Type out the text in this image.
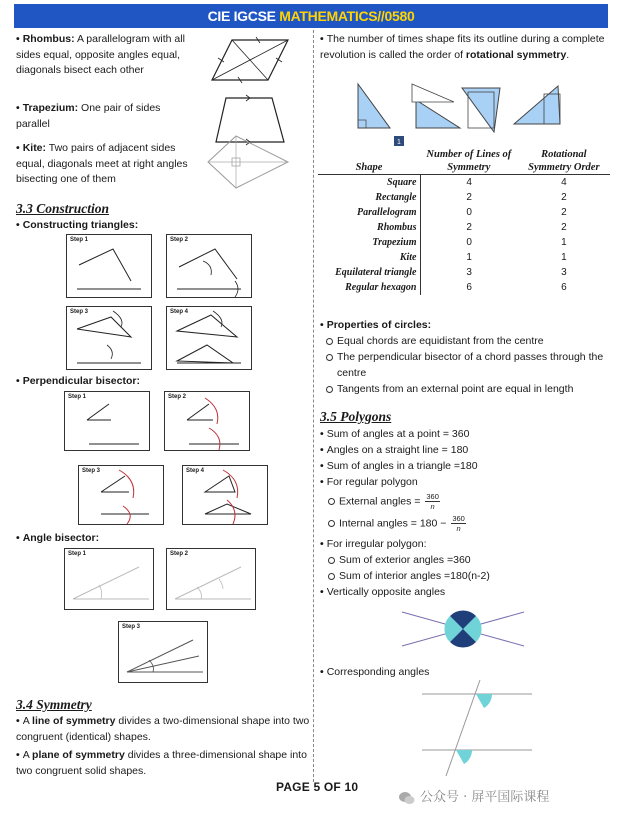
CIE IGCSE MATHEMATICS//0580
• Rhombus: A parallelogram with all sides equal, opposite angles equal, diagonals bisect each other
• Trapezium: One pair of sides parallel
• Kite: Two pairs of adjacent sides equal, diagonals meet at right angles bisecting one of them
3.3 Construction
• Constructing triangles:
Step 1	Step 2
Step 3	Step 4
• Perpendicular bisector:
Step 1	Step 2
Step 3	Step 4
• Angle bisector:
Step 1	Step 2
Step 3
3.4 Symmetry
• A line of symmetry divides a two-dimensional shape into two congruent (identical) shapes.
• A plane of symmetry divides a three-dimensional shape into two congruent solid shapes.
• The number of times shape fits its outline during a complete revolution is called the order of rotational symmetry.
1
Shape	Number of Lines of Symmetry	Rotational Symmetry Order
Square	4	4
Rectangle	2	2
Parallelogram	0	2
Rhombus	2	2
Trapezium	0	1
Kite	1	1
Equilateral triangle	3	3
Regular hexagon	6	6
• Properties of circles:
Equal chords are equidistant from the centre
The perpendicular bisector of a chord passes through the centre
Tangents from an external point are equal in length
3.5 Polygons
• Sum of angles at a point = 360
• Angles on a straight line = 180
• Sum of angles in a triangle =180
• For regular polygon
External angles = $\frac{360}{n}$
Internal angles = $180 - \frac{360}{n}$
• For irregular polygon:
Sum of exterior angles =360
Sum of interior angles =180(n-2)
• Vertically opposite angles
• Corresponding angles
PAGE 5 OF 10
公众号 · 屏平国际课程
